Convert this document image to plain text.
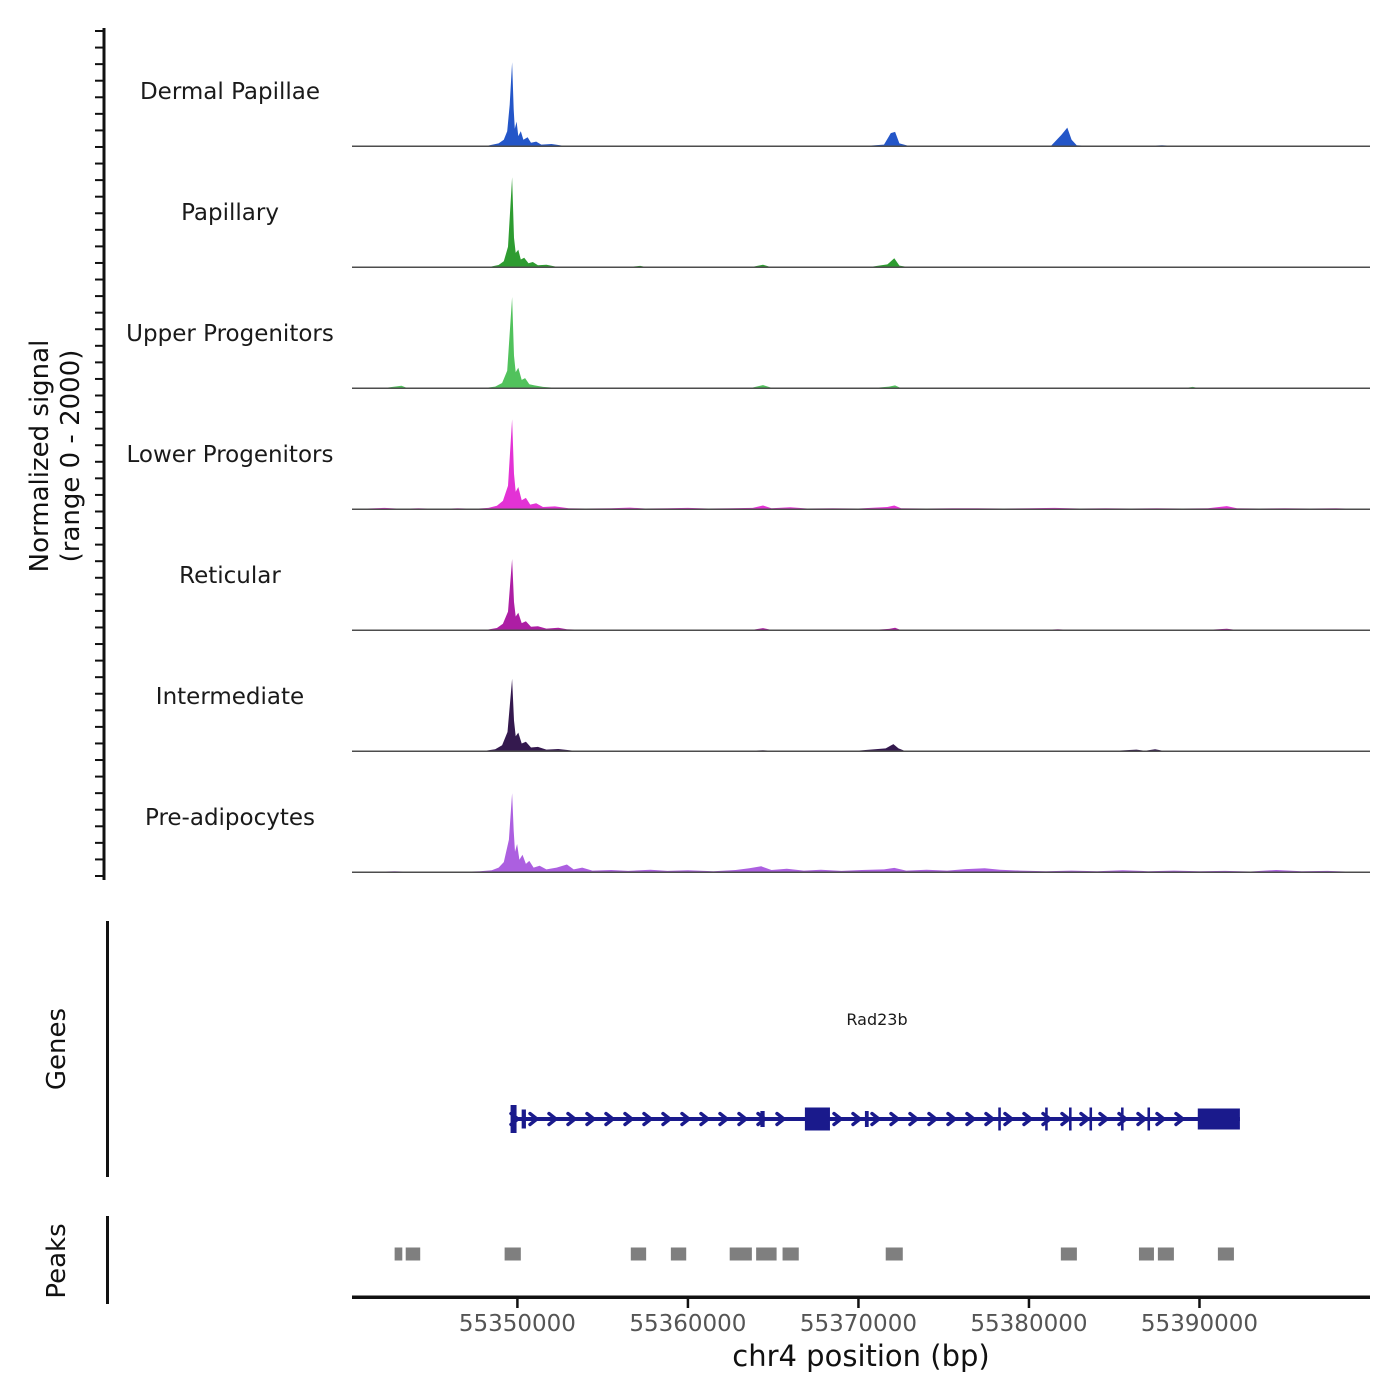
Normalized signal (range 0 - 2000)
Dermal Papillae
Papillary
Upper Progenitors
Lower Progenitors
Reticular
Intermediate
Pre-adipocytes
Genes	Rad23b
Peaks
55350000	55360000	55370000	55380000	55390000
chr4 position (bp)
